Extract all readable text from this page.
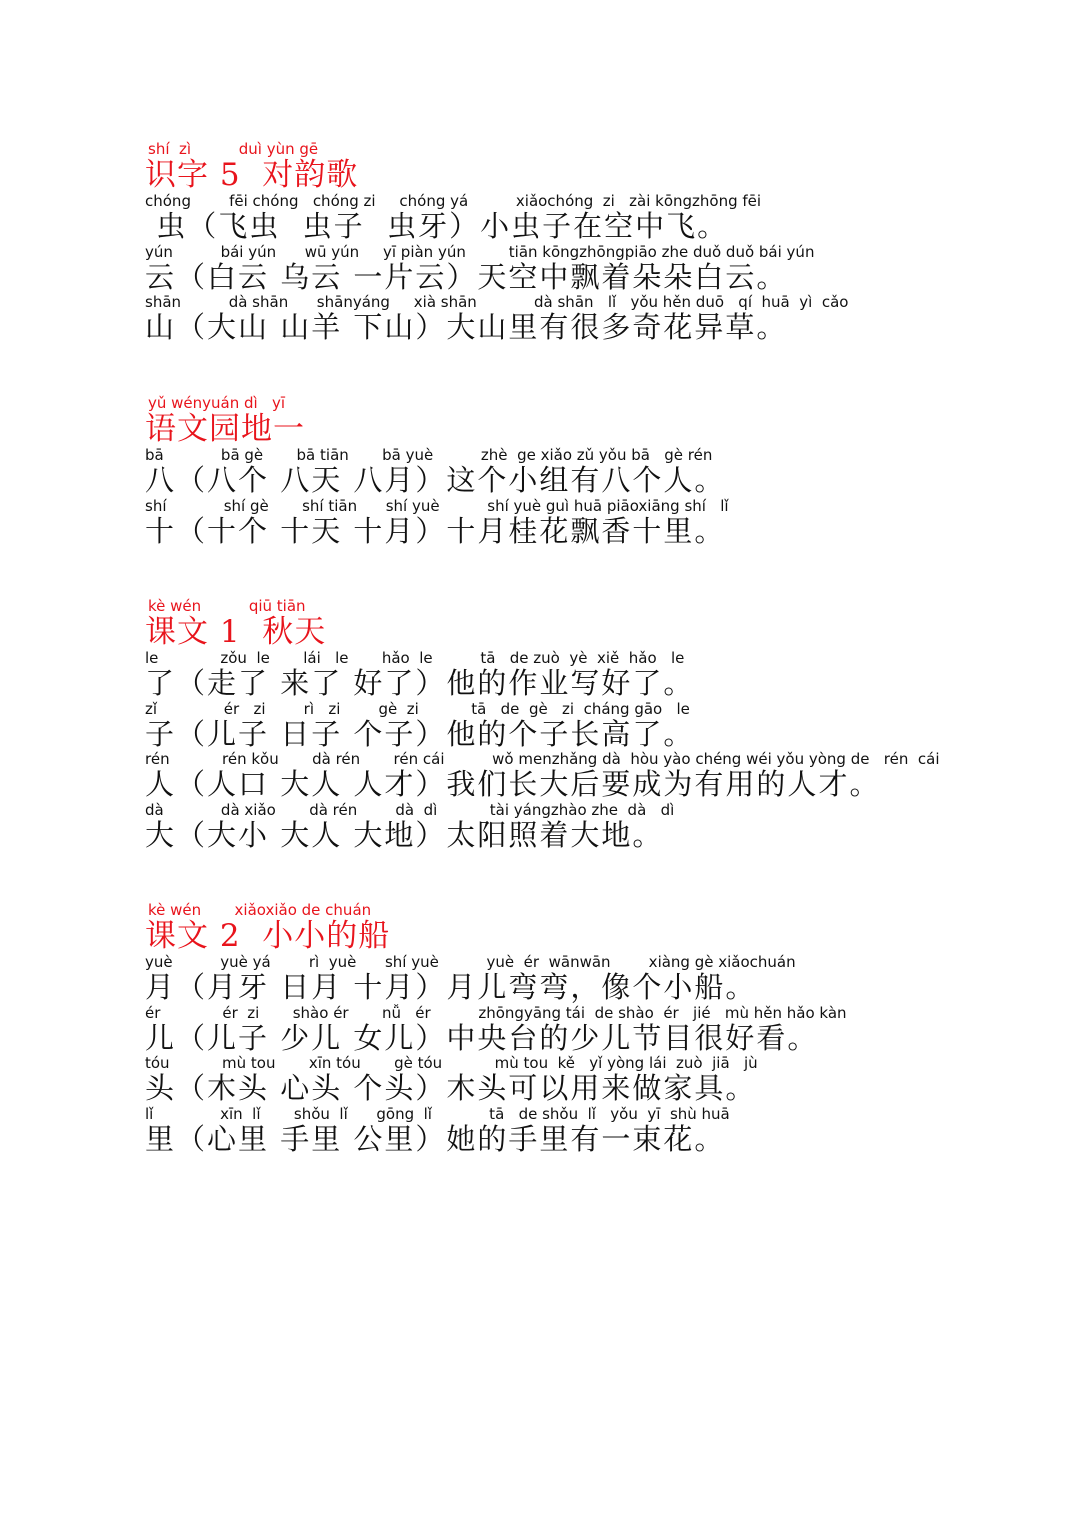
shí  zì          duì yùn gē
识字 5  对韵歌
chóng        fēi chóng   chóng zi     chóng yá          xiǎochóng  zi   zài kōngzhōng fēi
虫（飞虫  虫子  虫牙）小虫子在空中飞。
yún          bái yún      wū yún     yī piàn yún         tiān kōngzhōngpiāo zhe duǒ duǒ bái yún
云（白云 乌云 一片云）天空中飘着朵朵白云。
shān          dà shān      shānyáng     xià shān            dà shān   lǐ   yǒu hěn duō   qí  huā  yì  cǎo
山（大山 山羊 下山）大山里有很多奇花异草。
yǔ wényuán dì   yī
语文园地一
bā            bā gè       bā tiān       bā yuè          zhè  ge xiǎo zǔ yǒu bā   gè rén
八（八个 八天 八月）这个小组有八个人。
shí            shí gè       shí tiān      shí yuè          shí yuè guì huā piāoxiāng shí   lǐ
十（十个 十天 十月）十月桂花飘香十里。
kè wén          qiū tiān
课文 1  秋天
le             zǒu  le       lái   le       hǎo  le          tā   de zuò  yè  xiě  hǎo   le
了（走了 来了 好了）他的作业写好了。
zǐ              ér   zi        rì   zi        gè  zi           tā   de  gè   zi  cháng gāo   le
子（儿子 日子 个子）他的个子长高了。
rén           rén kǒu       dà rén       rén cái          wǒ menzhǎng dà  hòu yào chéng wéi yǒu yòng de   rén  cái
人（人口 大人 人才）我们长大后要成为有用的人才。
dà            dà xiǎo       dà rén        dà  dì           tài yángzhào zhe  dà   dì
大（大小 大人 大地）太阳照着大地。
kè wén       xiǎoxiǎo de chuán
课文 2  小小的船
yuè          yuè yá        rì  yuè      shí yuè          yuè  ér  wānwān        xiàng gè xiǎochuán
月（月牙 日月 十月）月儿弯弯，像个小船。
ér             ér  zi       shào ér       nǚ   ér          zhōngyāng tái  de shào  ér   jié   mù hěn hǎo kàn
儿（儿子 少儿 女儿）中央台的少儿节目很好看。
tóu           mù tou       xīn tóu       gè tóu           mù tou  kě   yǐ yòng lái  zuò  jiā   jù
头（木头 心头 个头）木头可以用来做家具。
lǐ              xīn  lǐ       shǒu  lǐ      gōng  lǐ            tā   de shǒu  lǐ   yǒu  yī  shù huā
里（心里 手里 公里）她的手里有一束花。
